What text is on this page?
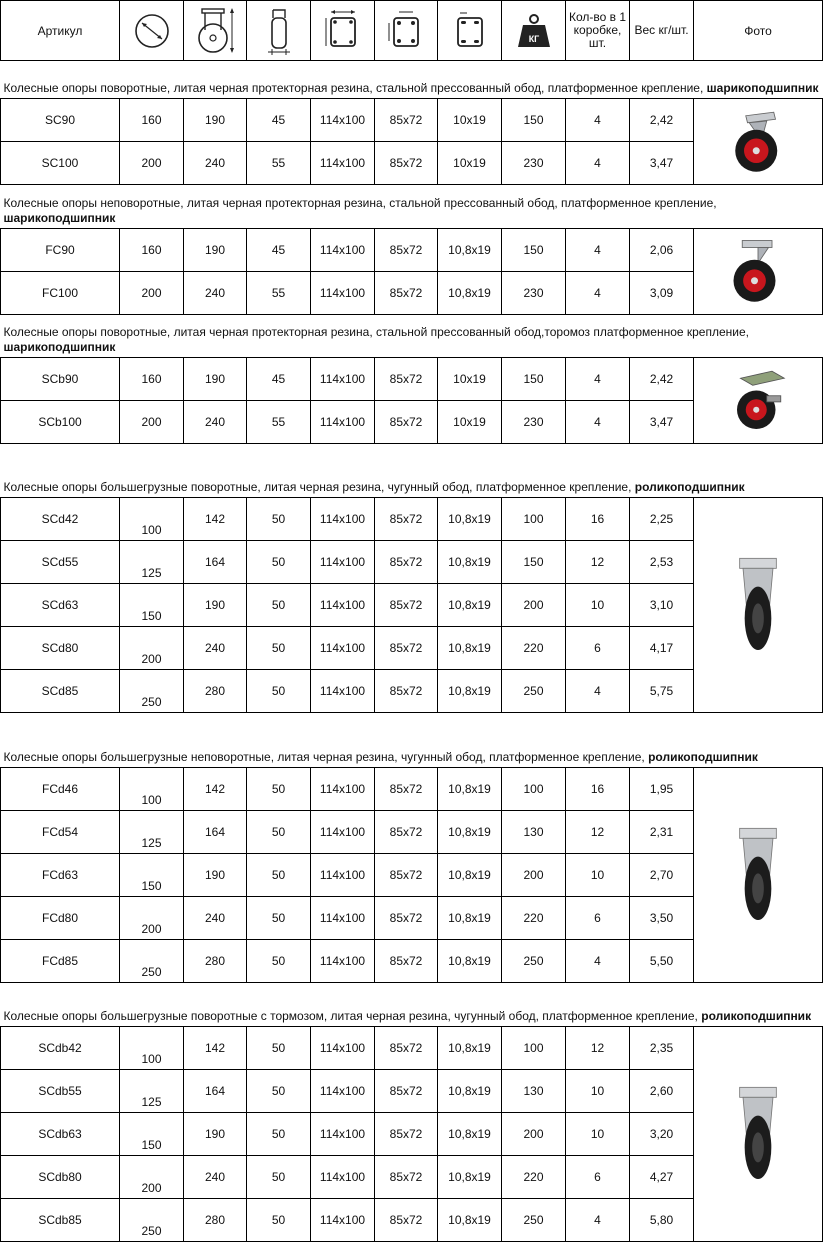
Артикул							КГ	Кол-во в 1 коробке, шт.	Вес кг/шт.	Фото
Колесные опоры поворотные, литая черная протекторная резина, стальной прессованный обод, платформенное крепление, шарикоподшипник										
SC90	160	190	45	114x100	85x72	10x19	150	4	2,42	

SC100	200	240	55	114x100	85x72	10x19	230	4	3,47	
Колесные опоры неповоротные, литая черная протекторная резина, стальной прессованный обод, платформенное крепление, шарикоподшипник										
FC90	160	190	45	114x100	85x72	10,8x19	150	4	2,06	

FC100	200	240	55	114x100	85x72	10,8x19	230	4	3,09	
Колесные опоры поворотные, литая черная протекторная резина, стальной прессованный обод,торомоз платформенное крепление, шарикоподшипник										
SCb90	160	190	45	114x100	85x72	10x19	150	4	2,42	

SCb100	200	240	55	114x100	85x72	10x19	230	4	3,47	
Колесные опоры большегрузные поворотные, литая черная резина, чугунный обод, платформенное крепление, роликоподшипник										
SCd42	100	142	50	114x100	85x72	10,8x19	100	16	2,25	

SCd55	125	164	50	114x100	85x72	10,8x19	150	12	2,53	
SCd63	150	190	50	114x100	85x72	10,8x19	200	10	3,10	
SCd80	200	240	50	114x100	85x72	10,8x19	220	6	4,17	
SCd85	250	280	50	114x100	85x72	10,8x19	250	4	5,75	
Колесные опоры большегрузные неповоротные, литая черная резина, чугунный обод, платформенное крепление, роликоподшипник										
FCd46	100	142	50	114x100	85x72	10,8x19	100	16	1,95	

FCd54	125	164	50	114x100	85x72	10,8x19	130	12	2,31	
FCd63	150	190	50	114x100	85x72	10,8x19	200	10	2,70	
FCd80	200	240	50	114x100	85x72	10,8x19	220	6	3,50	
FCd85	250	280	50	114x100	85x72	10,8x19	250	4	5,50	
Колесные опоры большегрузные поворотные с тормозом, литая черная резина, чугунный обод, платформенное крепление, роликоподшипник										
SCdb42	100	142	50	114x100	85x72	10,8x19	100	12	2,35	

SCdb55	125	164	50	114x100	85x72	10,8x19	130	10	2,60	
SCdb63	150	190	50	114x100	85x72	10,8x19	200	10	3,20	
SCdb80	200	240	50	114x100	85x72	10,8x19	220	6	4,27	
SCdb85	250	280	50	114x100	85x72	10,8x19	250	4	5,80	
